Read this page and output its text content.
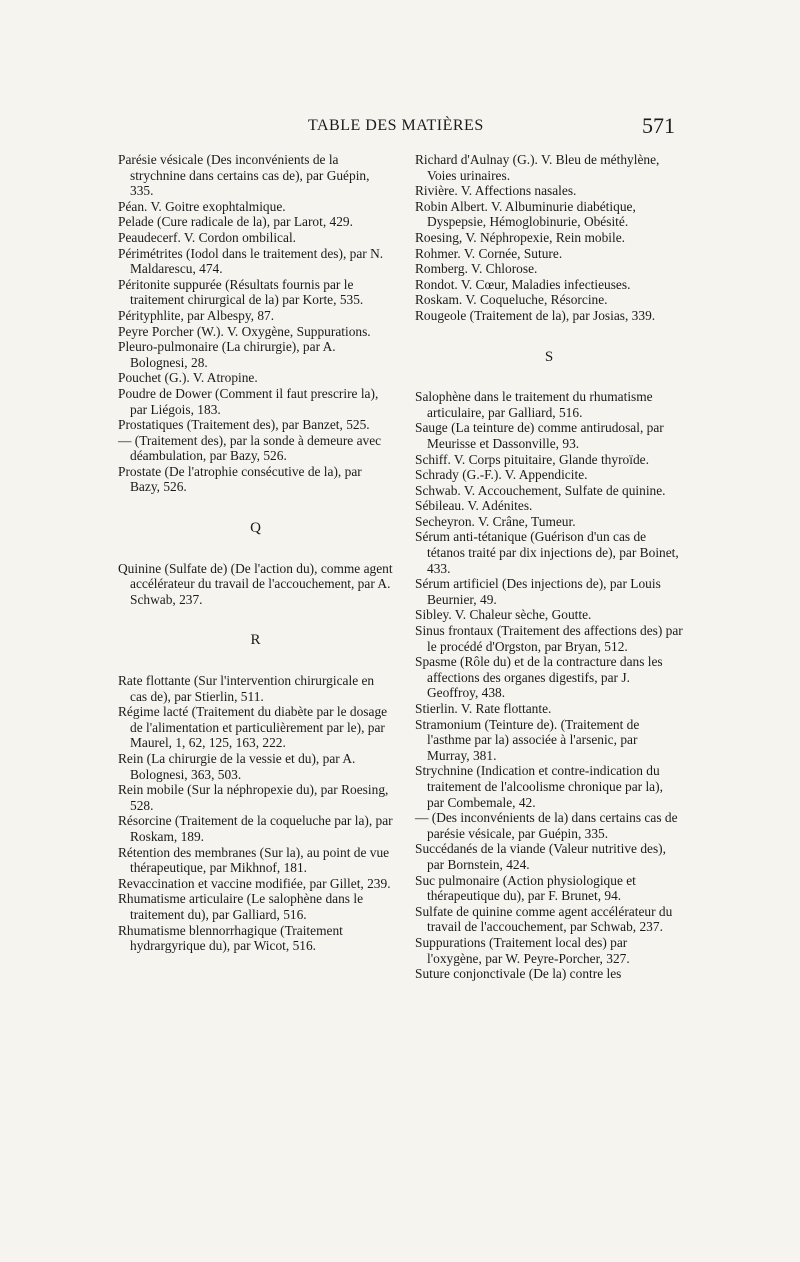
TABLE DES MATIÈRES	571

Parésie vésicale (Des inconvénients de la strychnine dans certains cas de), par Guépin, 335.

Péan. V. Goitre exophtalmique.

Pelade (Cure radicale de la), par Larot, 429.

Peaudecerf. V. Cordon ombilical.

Périmétrites (Iodol dans le traitement des), par N. Maldarescu, 474.

Péritonite suppurée (Résultats fournis par le traitement chirurgical de la) par Korte, 535.

Pérityphlite, par Albespy, 87.

Peyre Porcher (W.). V. Oxygène, Suppurations.

Pleuro-pulmonaire (La chirurgie), par A. Bolognesi, 28.

Pouchet (G.). V. Atropine.

Poudre de Dower (Comment il faut prescrire la), par Liégois, 183.

Prostatiques (Traitement des), par Banzet, 525.

— (Traitement des), par la sonde à demeure avec déambulation, par Bazy, 526.

Prostate (De l'atrophie consécutive de la), par Bazy, 526.

Q

Quinine (Sulfate de) (De l'action du), comme agent accélérateur du travail de l'accouchement, par A. Schwab, 237.

R

Rate flottante (Sur l'intervention chirurgicale en cas de), par Stierlin, 511.

Régime lacté (Traitement du diabète par le dosage de l'alimentation et particulièrement par le), par Maurel, 1, 62, 125, 163, 222.

Rein (La chirurgie de la vessie et du), par A. Bolognesi, 363, 503.

Rein mobile (Sur la néphropexie du), par Roesing, 528.

Résorcine (Traitement de la coqueluche par la), par Roskam, 189.

Rétention des membranes (Sur la), au point de vue thérapeutique, par Mikhnof, 181.

Revaccination et vaccine modifiée, par Gillet, 239.

Rhumatisme articulaire (Le salophène dans le traitement du), par Galliard, 516.

Rhumatisme blennorrhagique (Traitement hydrargyrique du), par Wicot, 516.

Richard d'Aulnay (G.). V. Bleu de méthylène, Voies urinaires.

Rivière. V. Affections nasales.

Robin Albert. V. Albuminurie diabétique, Dyspepsie, Hémoglobinurie, Obésité.

Roesing, V. Néphropexie, Rein mobile.

Rohmer. V. Cornée, Suture.

Romberg. V. Chlorose.

Rondot. V. Cœur, Maladies infectieuses.

Roskam. V. Coqueluche, Résorcine.

Rougeole (Traitement de la), par Josias, 339.

S

Salophène dans le traitement du rhumatisme articulaire, par Galliard, 516.

Sauge (La teinture de) comme antirudosal, par Meurisse et Dassonville, 93.

Schiff. V. Corps pituitaire, Glande thyroïde.

Schrady (G.-F.). V. Appendicite.

Schwab. V. Accouchement, Sulfate de quinine.

Sébileau. V. Adénites.

Secheyron. V. Crâne, Tumeur.

Sérum anti-tétanique (Guérison d'un cas de tétanos traité par dix injections de), par Boinet, 433.

Sérum artificiel (Des injections de), par Louis Beurnier, 49.

Sibley. V. Chaleur sèche, Goutte.

Sinus frontaux (Traitement des affections des) par le procédé d'Orgston, par Bryan, 512.

Spasme (Rôle du) et de la contracture dans les affections des organes digestifs, par J. Geoffroy, 438.

Stierlin. V. Rate flottante.

Stramonium (Teinture de). (Traitement de l'asthme par la) associée à l'arsenic, par Murray, 381.

Strychnine (Indication et contre-indication du traitement de l'alcoolisme chronique par la), par Combemale, 42.

— (Des inconvénients de la) dans certains cas de parésie vésicale, par Guépin, 335.

Succédanés de la viande (Valeur nutritive des), par Bornstein, 424.

Suc pulmonaire (Action physiologique et thérapeutique du), par F. Brunet, 94.

Sulfate de quinine comme agent accélérateur du travail de l'accouchement, par Schwab, 237.

Suppurations (Traitement local des) par l'oxygène, par W. Peyre-Porcher, 327.

Suture conjonctivale (De la) contre les
